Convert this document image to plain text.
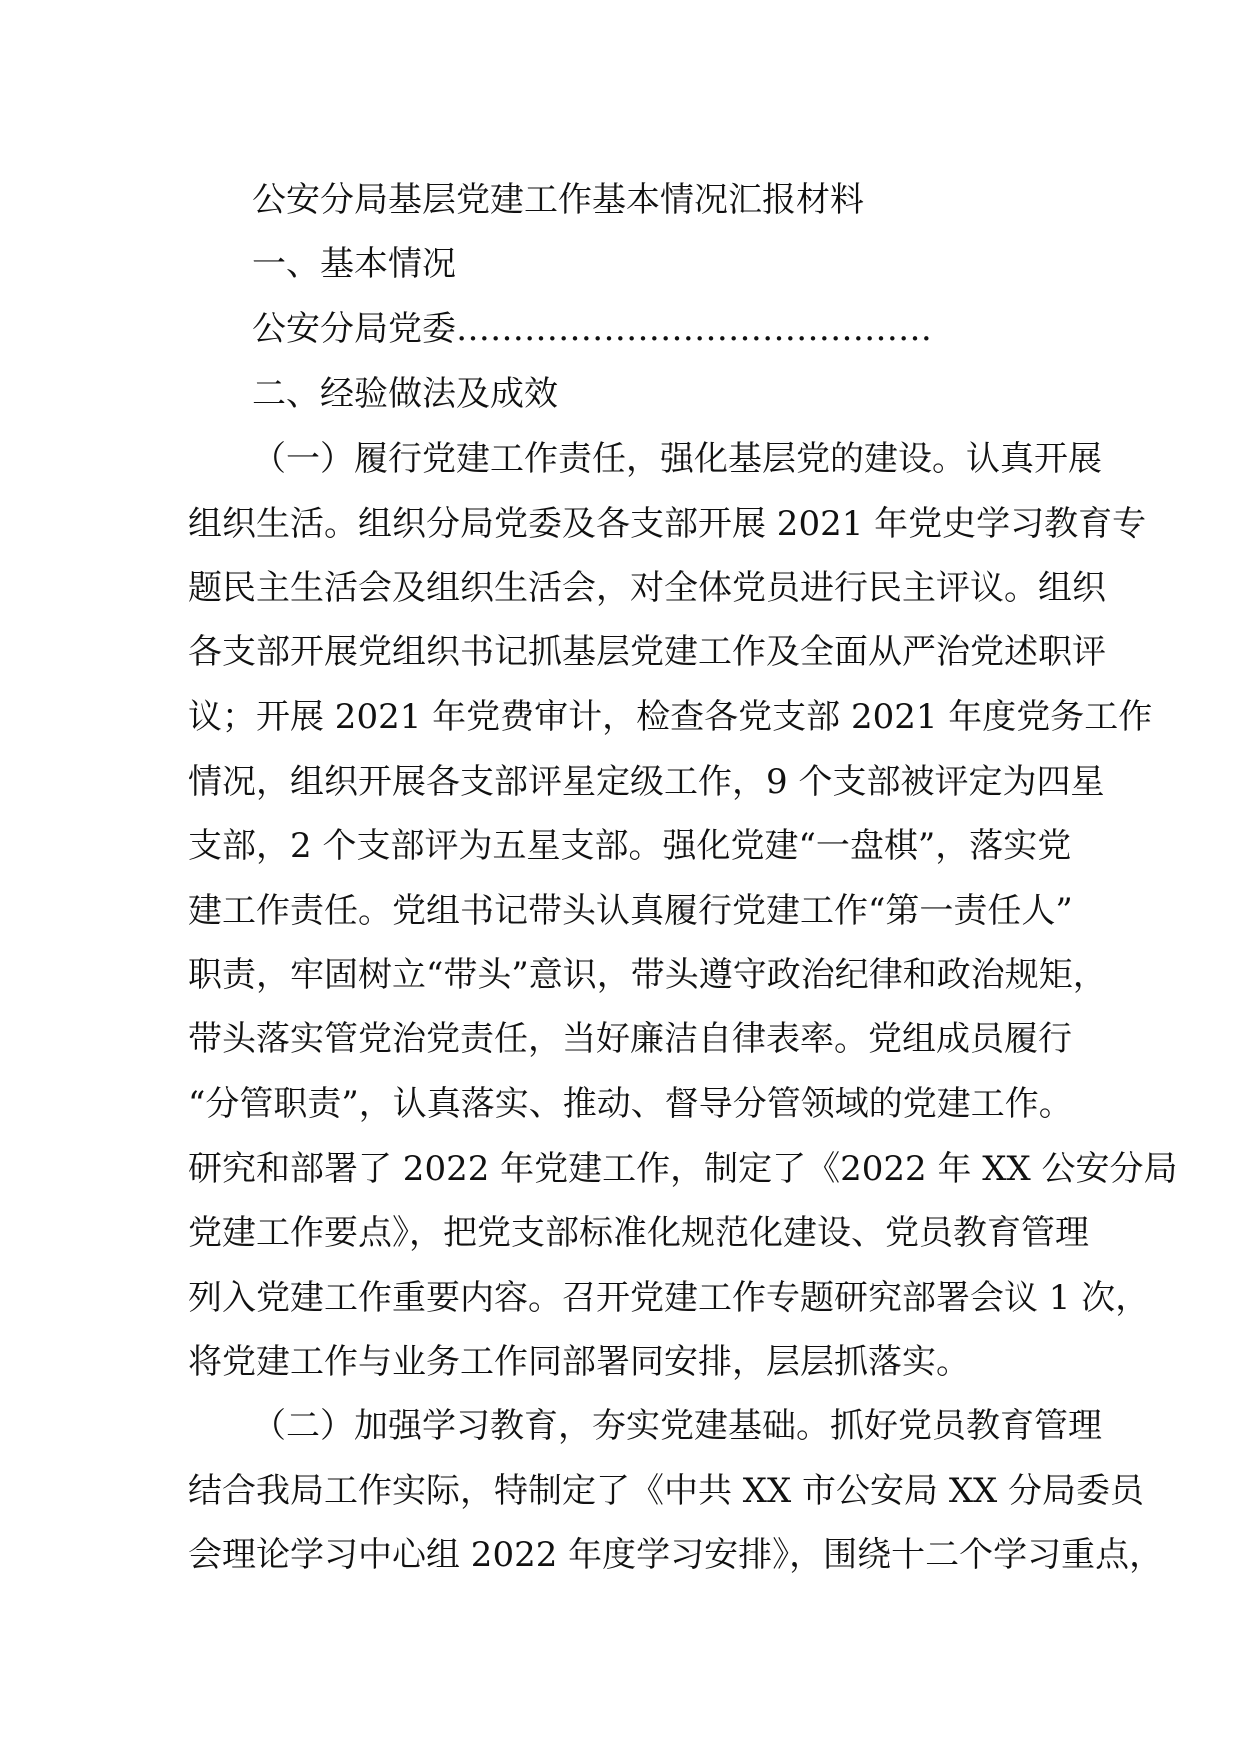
公安分局基层党建工作基本情况汇报材料
一、基本情况
公安分局党委……………………………………
二、经验做法及成效
（一）履行党建工作责任，强化基层党的建设。认真开展
组织生活。组织分局党委及各支部开展 2021 年党史学习教育专
题民主生活会及组织生活会，对全体党员进行民主评议。组织
各支部开展党组织书记抓基层党建工作及全面从严治党述职评
议；开展 2021 年党费审计，检查各党支部 2021 年度党务工作
情况，组织开展各支部评星定级工作，9 个支部被评定为四星
支部，2 个支部评为五星支部。强化党建“一盘棋”，落实党
建工作责任。党组书记带头认真履行党建工作“第一责任人”
职责，牢固树立“带头”意识，带头遵守政治纪律和政治规矩，
带头落实管党治党责任，当好廉洁自律表率。党组成员履行
“分管职责”，认真落实、推动、督导分管领域的党建工作。
研究和部署了 2022 年党建工作，制定了《2022 年 XX 公安分局
党建工作要点》，把党支部标准化规范化建设、党员教育管理
列入党建工作重要内容。召开党建工作专题研究部署会议 1 次，
将党建工作与业务工作同部署同安排，层层抓落实。
（二）加强学习教育，夯实党建基础。抓好党员教育管理
结合我局工作实际，特制定了《中共 XX 市公安局 XX 分局委员
会理论学习中心组 2022 年度学习安排》，围绕十二个学习重点，
